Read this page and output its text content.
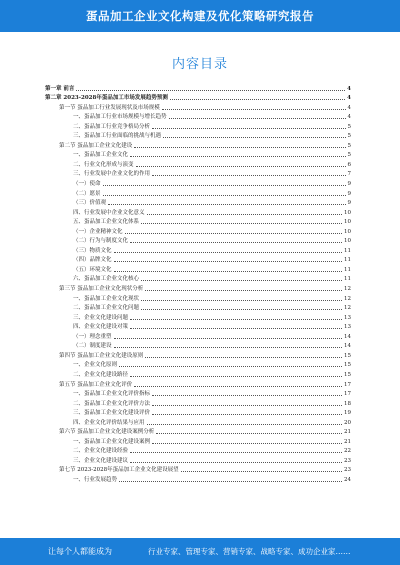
蛋品加工企业文化构建及优化策略研究报告
内容目录
第一章 前言	4
第二章 2023-2028年蛋品加工市场发展趋势预测	4
第一节 蛋品加工行业发展现状及市场规模	4
一、蛋品加工行业市场规模与增长趋势	4
二、蛋品加工行业竞争格局分析	5
三、蛋品加工行业面临的挑战与机遇	5
第二节 蛋品加工企业文化建设	5
一、蛋品加工企业文化	5
二、行业文化形成与演变	6
三、行业发展中企业文化的作用	7
（一）使命	9
（二）愿景	9
（三）价值观	9
四、行业发展中企业文化意义	10
五、蛋品加工企业文化体系	10
（一）企业精神文化	10
（二）行为与制度文化	10
（三）物质文化	11
（四）品牌文化	11
（五）环境文化	11
六、蛋品加工企业文化核心	11
第三节 蛋品加工企业文化现状分析	12
一、蛋品加工企业文化现状	12
二、蛋品加工企业文化问题	12
三、企业文化建设问题	13
四、企业文化建设对策	13
（一）理念重塑	14
（二）制度建设	14
第四节 蛋品加工企业文化建设原则	15
一、企业文化原则	15
二、企业文化建设路径	15
第五节 蛋品加工企业文化评价	17
一、蛋品加工企业文化评价指标	17
二、蛋品加工企业文化评价方法	18
三、蛋品加工企业文化建设评价	19
四、企业文化评价结果与应用	20
第六节 蛋品加工企业文化建设案例分析	21
一、蛋品加工企业文化建设案例	21
二、企业文化建设经验	22
三、企业文化建设建议	23
第七节 2023-2028年蛋品加工企业文化建设展望	23
一、行业发展趋势	24
让每个人都能成为	行业专家、管理专家、营销专家、战略专家、成功企业家……
